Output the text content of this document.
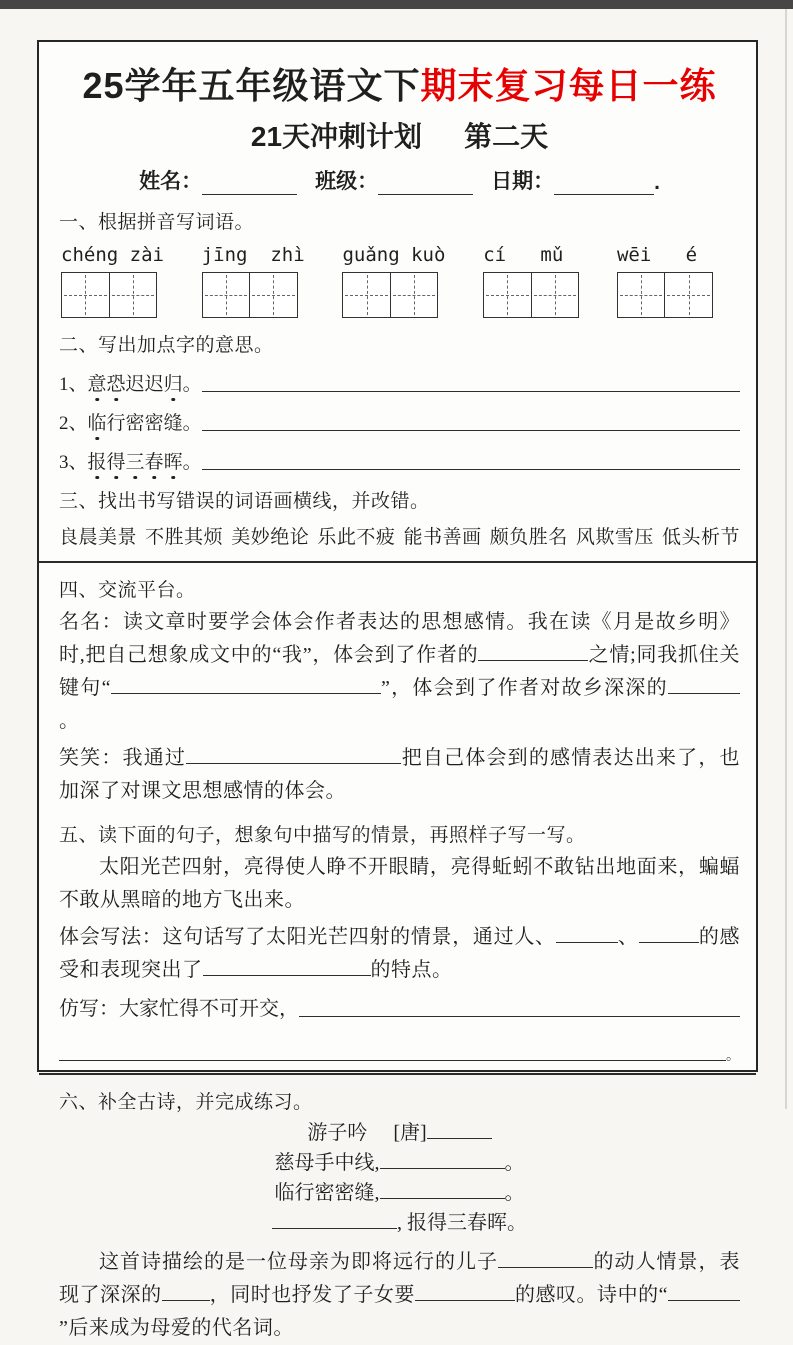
25学年五年级语文下期末复习每日一练
21天冲刺计划 第二天
姓名：	班级：	日期：	.
一、根据拼音写词语。
chéng zài jīng  zhì guǎng kuò cí   mǔ	wēi   é
二、写出加点字的意思。
1、 意 恐 迟 迟 归 。
2、 临 行 密 密 缝 。
3、 报 得 三 春 晖 。
三、找出书写错误的词语画横线，并改错。
良晨美景 不胜其烦 美妙绝论 乐此不疲 能书善画 颇负胜名 风欺雪压 低头析节
四、交流平台。

名名：读文章时要学会体会作者表达的思想感情。我在读《月是故乡明》时,把自己想象成文中的“我”，体会到了作者的	之情;同我抓住关键句“	”，体会到了作者对故乡深深的。

笑笑：我通过	把自己体会到的感情表达出来了，也加深了对课文思想感情的体会。

五、读下面的句子，想象句中描写的情景，再照样子写一写。

太阳光芒四射，亮得使人睁不开眼睛，亮得蚯蚓不敢钻出地面来，蝙蝠不敢从黑暗的地方飞出来。

体会写法：这句话写了太阳光芒四射的情景，通过人、	、	的感受和表现突出了	的特点。

仿写：大家忙得不可开交，
。
六、补全古诗，并完成练习。
游子吟 [唐]
慈母手中线,	。
临行密密缝,	。
, 报得三春晖。

这首诗描绘的是一位母亲为即将远行的儿子	的动人情景，表现了深深的 ，同时也抒发了子女要	的感叹。诗中的“”后来成为母爱的代名词。
